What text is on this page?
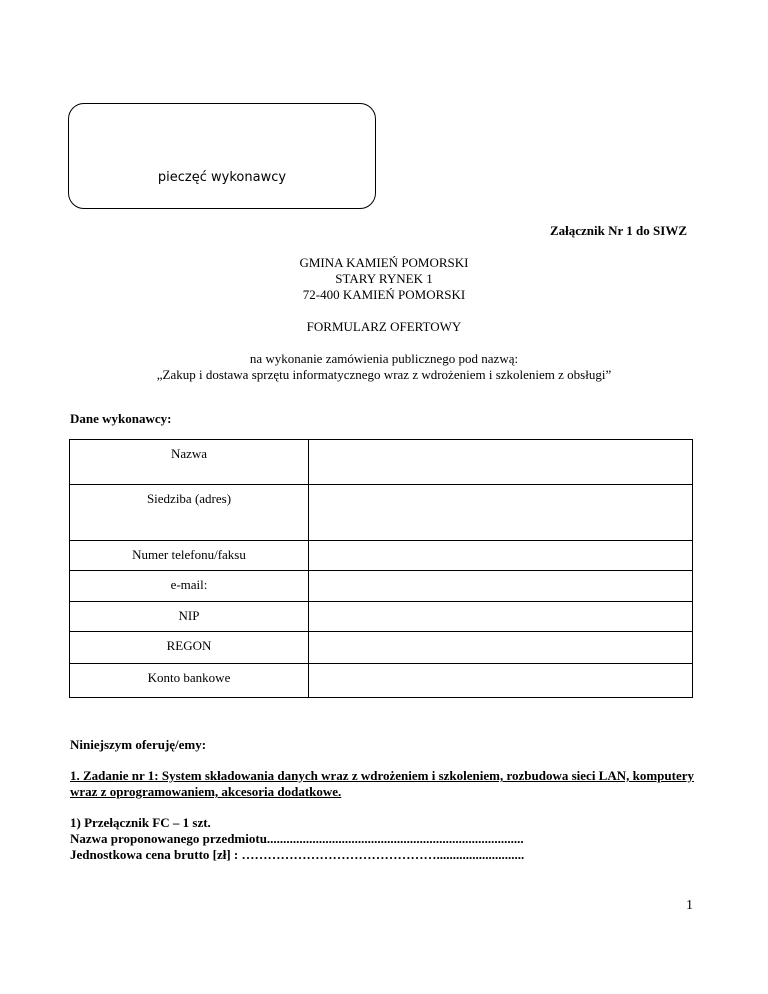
pieczęć wykonawcy
Załącznik Nr 1 do SIWZ
GMINA KAMIEŃ POMORSKI
STARY RYNEK 1
72-400 KAMIEŃ POMORSKI
FORMULARZ OFERTOWY
na wykonanie zamówienia publicznego pod nazwą:
„Zakup i dostawa sprzętu informatycznego wraz z wdrożeniem i szkoleniem z obsługi”
Dane wykonawcy:
Nazwa	
Siedziba (adres)	
Numer telefonu/faksu	
e-mail:	
NIP	
REGON	
Konto bankowe	
Niniejszym oferuję/emy:
1. Zadanie nr 1: System składowania danych wraz z wdrożeniem i szkoleniem, rozbudowa sieci LAN, komputery wraz z oprogramowaniem, akcesoria dodatkowe.
1) Przełącznik FC – 1 szt.
Nazwa proponowanego przedmiotu...............................................................................
Jednostkowa cena brutto [zł] : ………………………………………...........................
1
